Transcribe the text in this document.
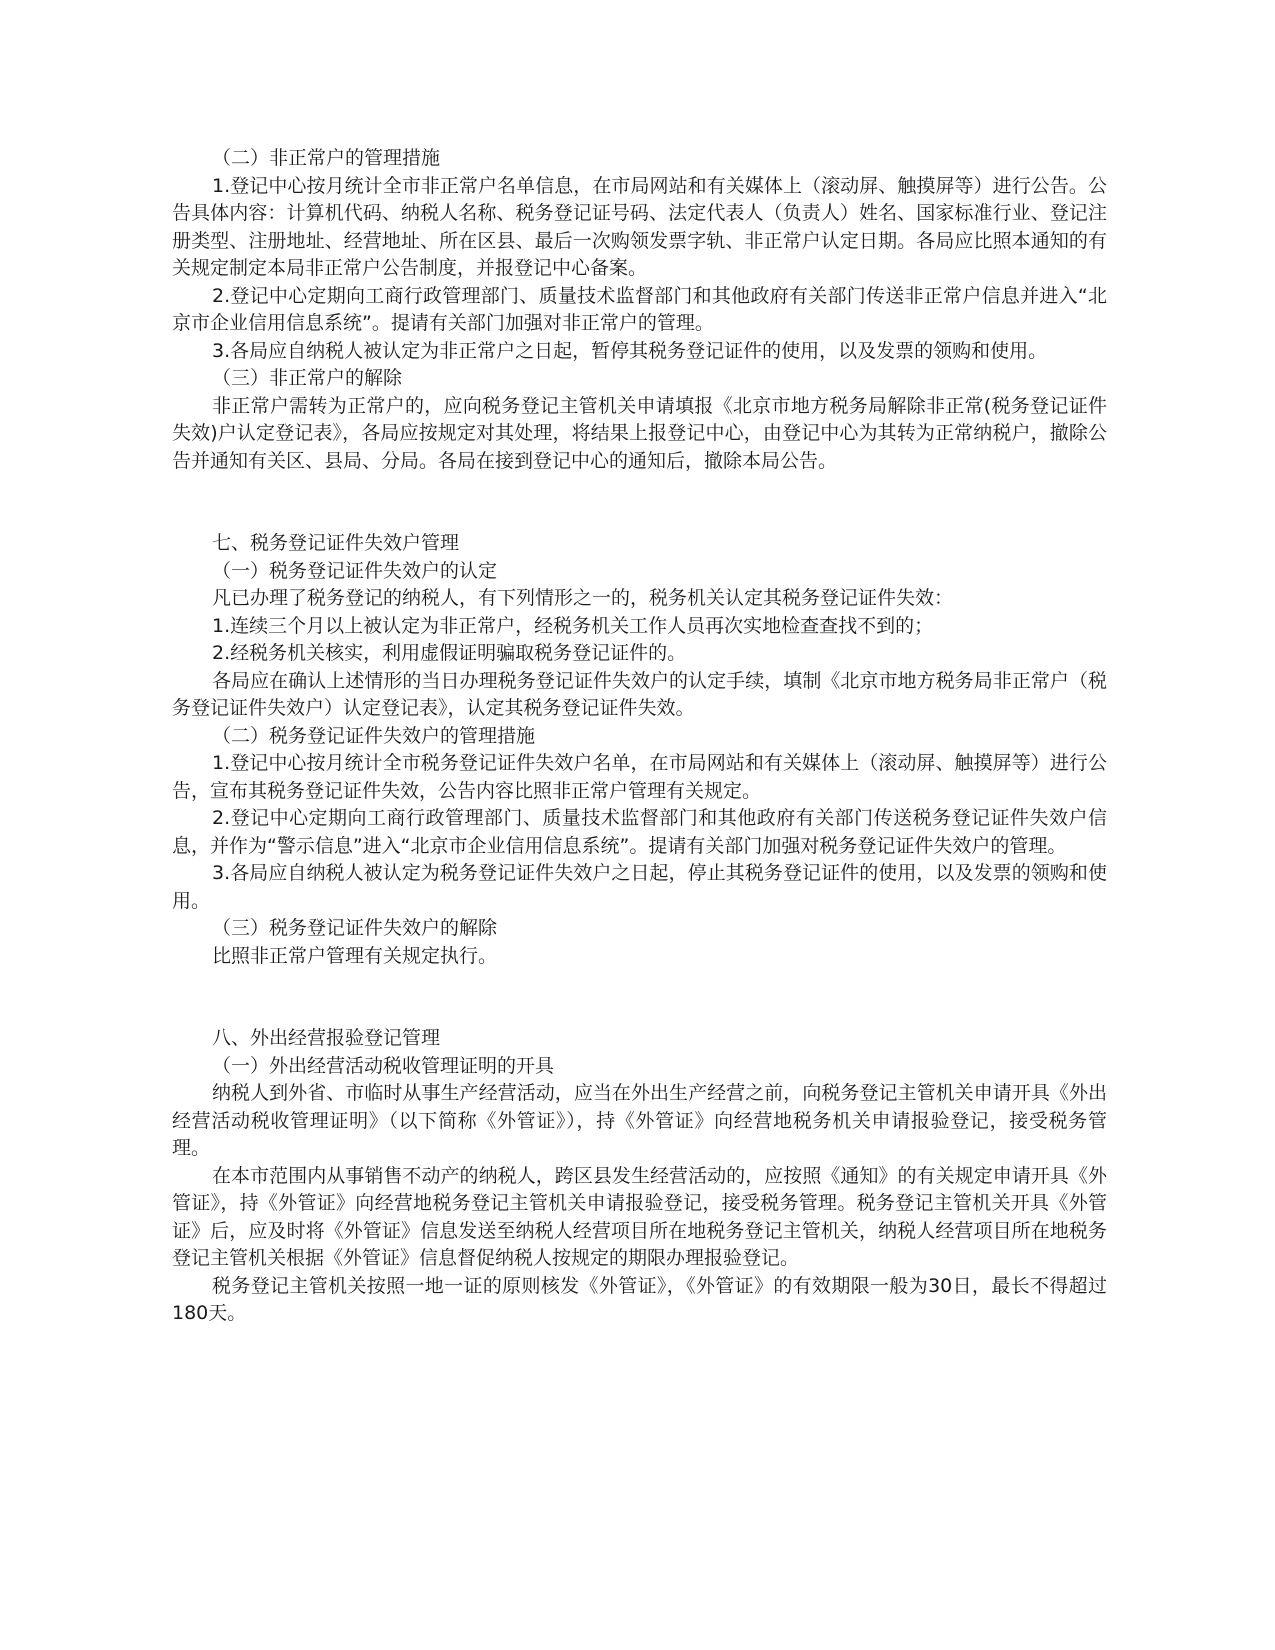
（二）非正常户的管理措施

1.登记中心按月统计全市非正常户名单信息，在市局网站和有关媒体上（滚动屏、触摸屏等）进行公告。公告具体内容：计算机代码、纳税人名称、税务登记证号码、法定代表人（负责人）姓名、国家标准行业、登记注册类型、注册地址、经营地址、所在区县、最后一次购领发票字轨、非正常户认定日期。各局应比照本通知的有关规定制定本局非正常户公告制度，并报登记中心备案。

2.登记中心定期向工商行政管理部门、质量技术监督部门和其他政府有关部门传送非正常户信息并进入“北京市企业信用信息系统”。提请有关部门加强对非正常户的管理。

3.各局应自纳税人被认定为非正常户之日起，暂停其税务登记证件的使用，以及发票的领购和使用。

（三）非正常户的解除

非正常户需转为正常户的，应向税务登记主管机关申请填报《北京市地方税务局解除非正常(税务登记证件失效)户认定登记表》，各局应按规定对其处理，将结果上报登记中心，由登记中心为其转为正常纳税户，撤除公告并通知有关区、县局、分局。各局在接到登记中心的通知后，撤除本局公告。

七、税务登记证件失效户管理

（一）税务登记证件失效户的认定

凡已办理了税务登记的纳税人，有下列情形之一的，税务机关认定其税务登记证件失效：

1.连续三个月以上被认定为非正常户，经税务机关工作人员再次实地检查查找不到的；

2.经税务机关核实，利用虚假证明骗取税务登记证件的。

各局应在确认上述情形的当日办理税务登记证件失效户的认定手续，填制《北京市地方税务局非正常户（税务登记证件失效户）认定登记表》，认定其税务登记证件失效。

（二）税务登记证件失效户的管理措施

1.登记中心按月统计全市税务登记证件失效户名单，在市局网站和有关媒体上（滚动屏、触摸屏等）进行公告，宣布其税务登记证件失效，公告内容比照非正常户管理有关规定。

2.登记中心定期向工商行政管理部门、质量技术监督部门和其他政府有关部门传送税务登记证件失效户信息，并作为“警示信息”进入“北京市企业信用信息系统”。提请有关部门加强对税务登记证件失效户的管理。

3.各局应自纳税人被认定为税务登记证件失效户之日起，停止其税务登记证件的使用，以及发票的领购和使用。

（三）税务登记证件失效户的解除

比照非正常户管理有关规定执行。

八、外出经营报验登记管理

（一）外出经营活动税收管理证明的开具

纳税人到外省、市临时从事生产经营活动，应当在外出生产经营之前，向税务登记主管机关申请开具《外出经营活动税收管理证明》（以下简称《外管证》），持《外管证》向经营地税务机关申请报验登记，接受税务管理。

在本市范围内从事销售不动产的纳税人，跨区县发生经营活动的，应按照《通知》的有关规定申请开具《外管证》，持《外管证》向经营地税务登记主管机关申请报验登记，接受税务管理。税务登记主管机关开具《外管证》后，应及时将《外管证》信息发送至纳税人经营项目所在地税务登记主管机关，纳税人经营项目所在地税务登记主管机关根据《外管证》信息督促纳税人按规定的期限办理报验登记。

税务登记主管机关按照一地一证的原则核发《外管证》，《外管证》的有效期限一般为30日，最长不得超过180天。
